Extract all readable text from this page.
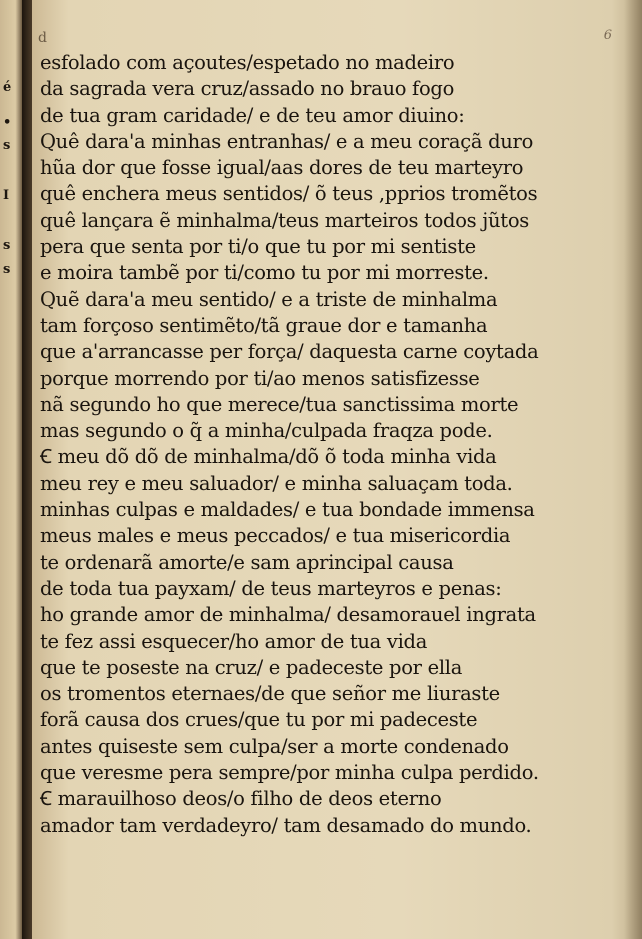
é
•
s
I
s
s
6
d
esfolado com açoutes/espetado no madeiro
da sagrada vera cruz/assado no brauo fogo
de tua gram caridade/ e de teu amor diuino:
Quê dara'a minhas entranhas/ e a meu coraçã duro
hũa dor que fosse igual/aas dores de teu marteyro
quê enchera meus sentidos/ õ teus ,pprios tromẽtos
quê lançara ẽ minhalma/teus marteiros todos jũtos
pera que senta por ti/o que tu por mi sentiste
e moira tambẽ por ti/como tu por mi morreste.
Quẽ dara'a meu sentido/ e a triste de minhalma
tam forçoso sentimẽto/tã graue dor e tamanha
que a'arrancasse per força/ daquesta carne coytada
porque morrendo por ti/ao menos satisfizesse
nã segundo ho que merece/tua sanctissima morte
mas segundo o q̃ a minha/culpada fraqza pode.
Ꞓ meu dõ dõ de minhalma/dõ õ toda minha vida
meu rey e meu saluador/ e minha saluaçam toda.
minhas culpas e maldades/ e tua bondade immensa
meus males e meus peccados/ e tua misericordia
te ordenarã amorte/e sam aprincipal causa
de toda tua payxam/ de teus marteyros e penas:
ho grande amor de minhalma/ desamorauel ingrata
te fez assi esquecer/ho amor de tua vida
que te poseste na cruz/ e padeceste por ella
os tromentos eternaes/de que señor me liuraste
forã causa dos crues/que tu por mi padeceste
antes quiseste sem culpa/ser a morte condenado
que veresme pera sempre/por minha culpa perdido.
Ꞓ marauilhoso deos/o filho de deos eterno
amador tam verdadeyro/ tam desamado do mundo.
